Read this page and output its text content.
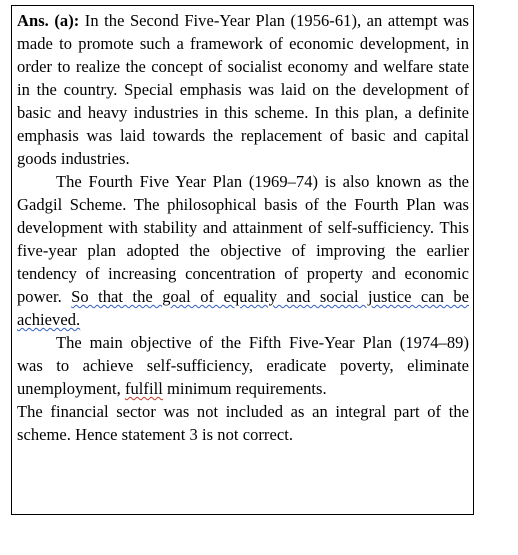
Ans. (a): In the Second Five-Year Plan (1956-61), an attempt was made to promote such a framework of economic development, in order to realize the concept of socialist economy and welfare state in the country. Special emphasis was laid on the development of basic and heavy industries in this scheme. In this plan, a definite emphasis was laid towards the replacement of basic and capital goods industries.

The Fourth Five Year Plan (1969–74) is also known as the Gadgil Scheme. The philosophical basis of the Fourth Plan was development with stability and attainment of self-sufficiency. This five-year plan adopted the objective of improving the earlier tendency of increasing concentration of property and economic power. So that the goal of equality and social justice can be achieved.

The main objective of the Fifth Five-Year Plan (1974–89) was to achieve self-sufficiency, eradicate poverty, eliminate unemployment, fulfill minimum requirements.

The financial sector was not included as an integral part of the scheme. Hence statement 3 is not correct.
